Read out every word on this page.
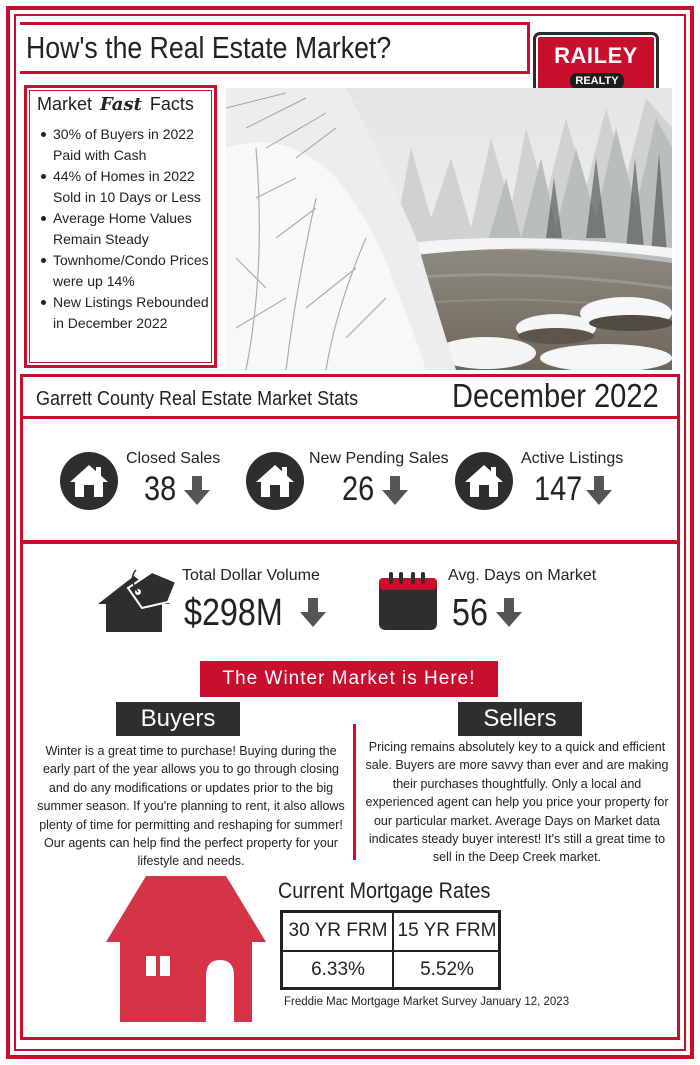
How's the Real Estate Market?	RAILEY
REALTY
Market Fast Facts
30% of Buyers in 2022 Paid with Cash
44% of Homes in 2022 Sold in 10 Days or Less
Average Home Values Remain Steady
Townhome/Condo Prices were up 14%
New Listings Rebounded in December 2022
Garrett County Real Estate Market Stats	December 2022
Closed Sales
38
New Pending Sales
26
Active Listings
147
Total Dollar Volume
$298M
Avg. Days on Market
56
The Winter Market is Here!
Buyers	Sellers
Winter is a great time to purchase! Buying during the early part of the year allows you to go through closing and do any modifications or updates prior to the big summer season. If you're planning to rent, it also allows plenty of time for permitting and reshaping for summer! Our agents can help find the perfect property for your lifestyle and needs.
Pricing remains absolutely key to a quick and efficient sale. Buyers are more savvy than ever and are making their purchases thoughtfully. Only a local and experienced agent can help you price your property for our particular market. Average Days on Market data indicates steady buyer interest! It's still a great time to sell in the Deep Creek market.
Current Mortgage Rates
30 YR FRM 15 YR FRM
6.33%	5.52%
Freddie Mac Mortgage Market Survey January 12, 2023
